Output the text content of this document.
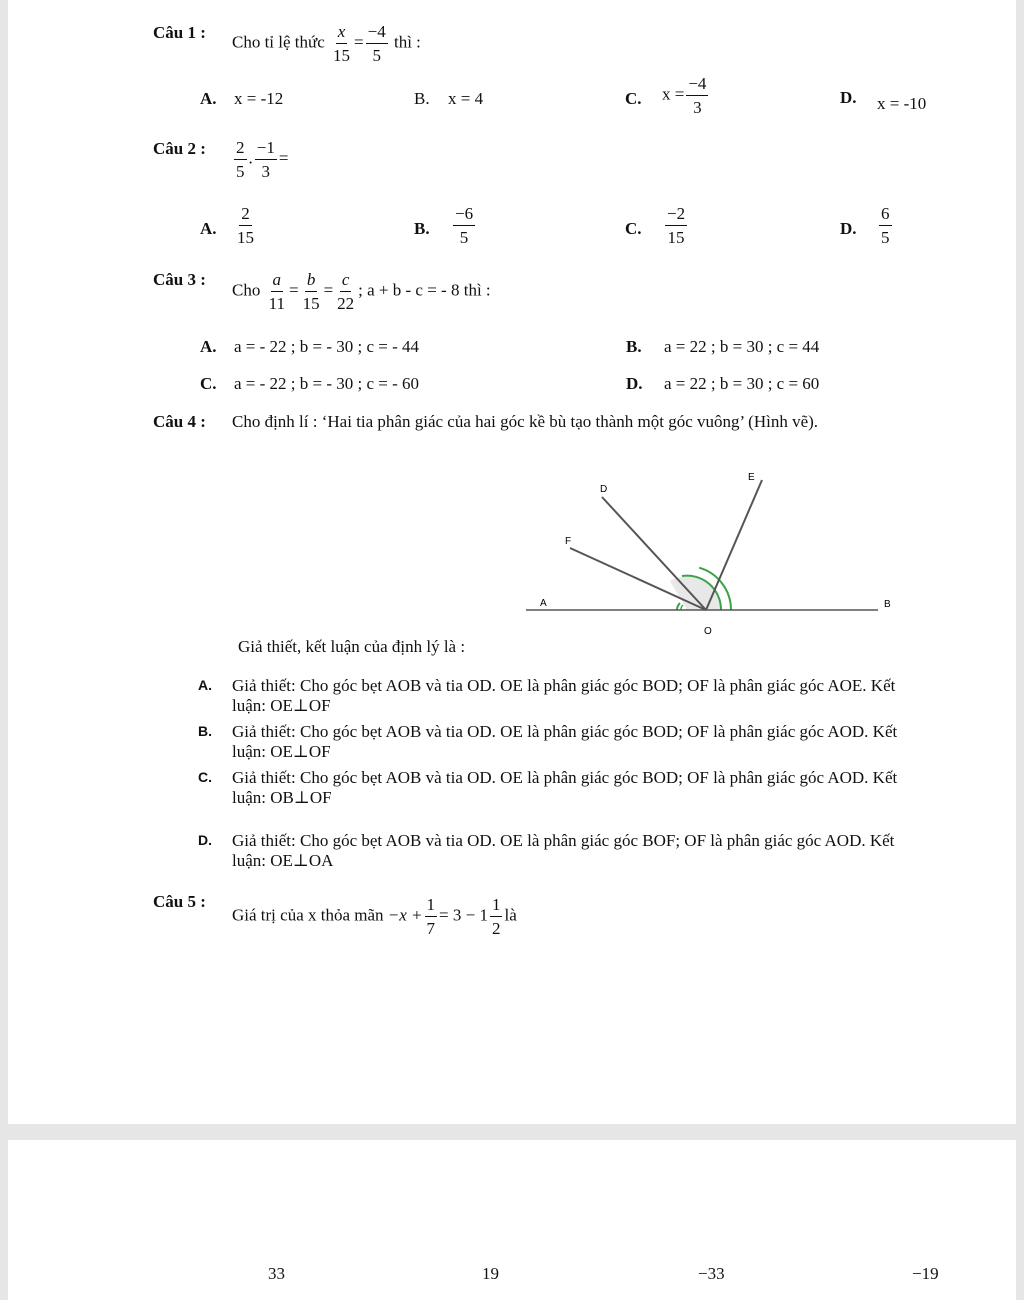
Câu 1 : Cho tỉ lệ thức $\frac{x}{15} = \frac{-4}{5}$ thì :
A. x = -12	B. x = 4	C. $x = \frac{-4}{3}$	D. x = -10
Câu 2 : $\frac{2}{5}$ . $\frac{-1}{3}$ =
A. $\frac{2}{15}$	B. $\frac{-6}{5}$	C. $\frac{-2}{15}$	D. $\frac{6}{5}$
Câu 3 :
Cho $\frac{a}{11} = \frac{b}{15} = \frac{c}{22}$ ; a + b - c = - 8 thì :
A. a = - 22 ; b = - 30 ; c = - 44	B. a = 22 ; b = 30 ; c = 44
C. a = - 22 ; b = - 30 ; c = - 60	D. a = 22 ; b = 30 ; c = 60
Câu 4 : Cho định lí : ‘Hai tia phân giác của hai góc kề bù tạo thành một góc vuông’ (Hình vẽ).
A	B
O
D
E
F
Giả thiết, kết luận của định lý là :
A. Giả thiết: Cho góc bẹt AOB và tia OD. OE là phân giác góc BOD; OF là phân giác góc AOE. Kết
luận: OE⊥OF
B. Giả thiết: Cho góc bẹt AOB và tia OD. OE là phân giác góc BOD; OF là phân giác góc AOD. Kết
luận: OE⊥OF
C. Giả thiết: Cho góc bẹt AOB và tia OD. OE là phân giác góc BOD; OF là phân giác góc AOD. Kết
luận: OB⊥OF
D. Giả thiết: Cho góc bẹt AOB và tia OD. OE là phân giác góc BOF; OF là phân giác góc AOD. Kết
luận: OE⊥OA
Câu 5 :
Giá trị của x thỏa mãn $-x + \frac{1}{7} = 3 - 1 \frac{1}{2}$ là
33	19	−33	−19
